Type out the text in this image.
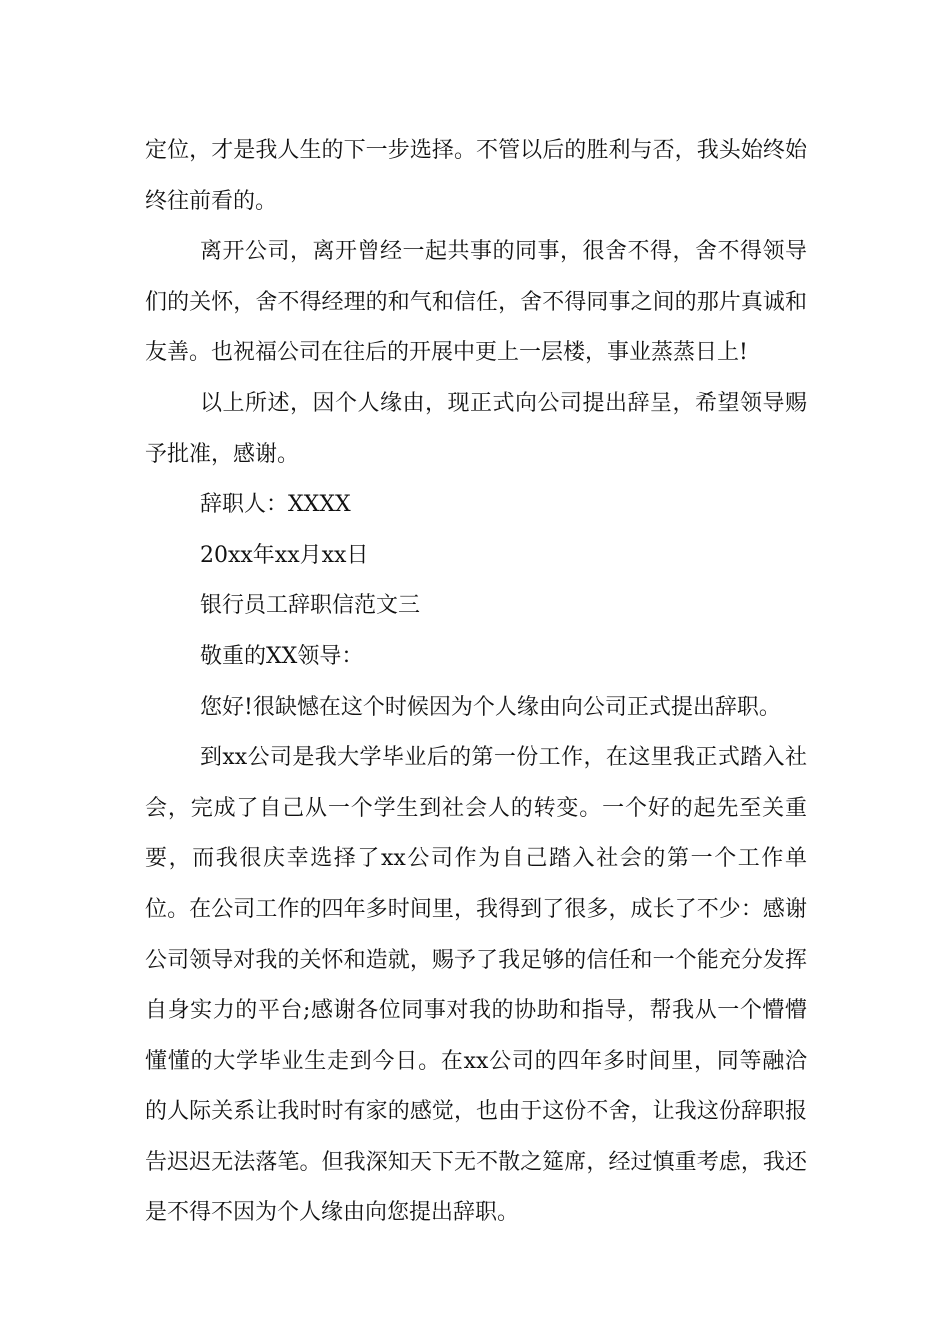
定位，才是我人生的下一步选择。不管以后的胜利与否，我头始终始终往前看的。

离开公司，离开曾经一起共事的同事，很舍不得，舍不得领导们的关怀，舍不得经理的和气和信任，舍不得同事之间的那片真诚和友善。也祝福公司在往后的开展中更上一层楼，事业蒸蒸日上!

以上所述，因个人缘由，现正式向公司提出辞呈，希望领导赐予批准，感谢。

辞职人：XXXX

20xx年xx月xx日

银行员工辞职信范文三

敬重的XX领导：

您好!很缺憾在这个时候因为个人缘由向公司正式提出辞职。

到xx公司是我大学毕业后的第一份工作，在这里我正式踏入社会，完成了自己从一个学生到社会人的转变。一个好的起先至关重要，而我很庆幸选择了xx公司作为自己踏入社会的第一个工作单位。在公司工作的四年多时间里，我得到了很多，成长了不少：感谢公司领导对我的关怀和造就，赐予了我足够的信任和一个能充分发挥自身实力的平台;感谢各位同事对我的协助和指导，帮我从一个懵懵懂懂的大学毕业生走到今日。在xx公司的四年多时间里，同等融洽的人际关系让我时时有家的感觉，也由于这份不舍，让我这份辞职报告迟迟无法落笔。但我深知天下无不散之筵席，经过慎重考虑，我还是不得不因为个人缘由向您提出辞职。
